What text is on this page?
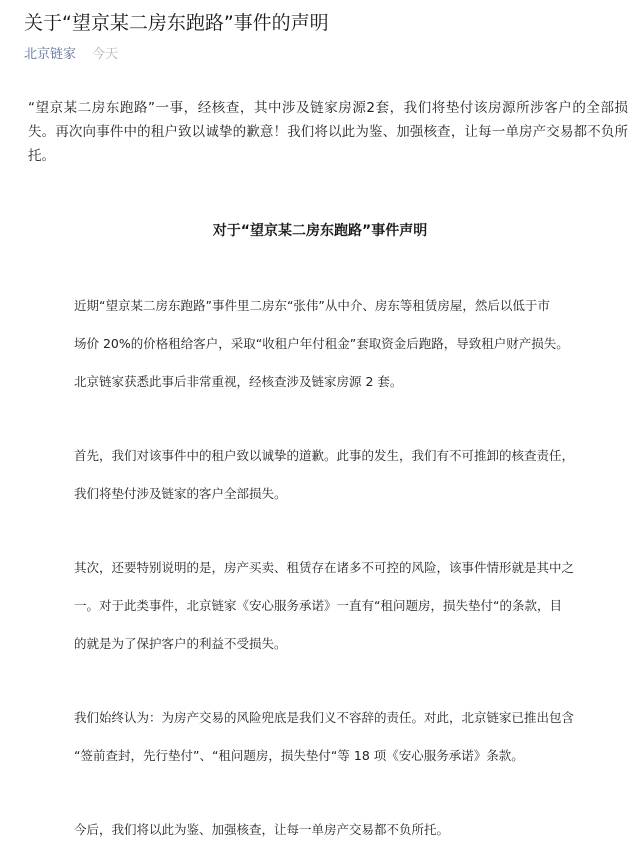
关于“望京某二房东跑路”事件的声明
北京链家 今天

“望京某二房东跑路”一事，经核查，其中涉及链家房源2套，我们将垫付该房源所涉客户的全部损失。再次向事件中的租户致以诚挚的歉意！我们将以此为鉴、加强核查，让每一单房产交易都不负所托。

对于“望京某二房东跑路”事件声明
近期“望京某二房东跑路”事件里二房东“张伟”从中介、房东等租赁房屋，然后以低于市
场价 20%的价格租给客户，采取“收租户年付租金”套取资金后跑路，导致租户财产损失。
北京链家获悉此事后非常重视，经核查涉及链家房源 2 套。
首先，我们对该事件中的租户致以诚挚的道歉。此事的发生，我们有不可推卸的核查责任，
我们将垫付涉及链家的客户全部损失。
其次，还要特别说明的是，房产买卖、租赁存在诸多不可控的风险，该事件情形就是其中之
一。对于此类事件，北京链家《安心服务承诺》一直有“租问题房，损失垫付“的条款，目
的就是为了保护客户的利益不受损失。
我们始终认为：为房产交易的风险兜底是我们义不容辞的责任。对此，北京链家已推出包含
“签前查封，先行垫付”、“租问题房，损失垫付“等 18 项《安心服务承诺》条款。
今后，我们将以此为鉴、加强核查，让每一单房产交易都不负所托。
